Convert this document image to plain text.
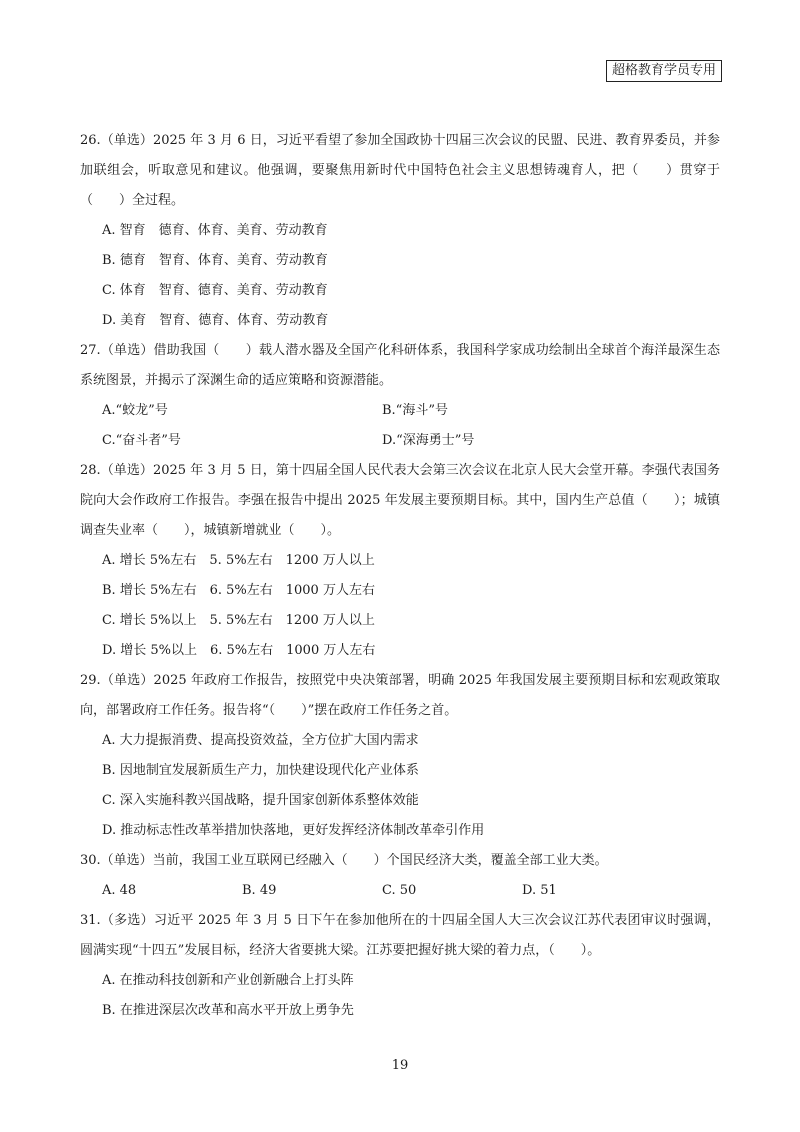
超格教育学员专用

26.（单选）2025 年 3 月 6 日，习近平看望了参加全国政协十四届三次会议的民盟、民进、教育界委员，并参加联组会，听取意见和建议。他强调，要聚焦用新时代中国特色社会主义思想铸魂育人，把（　　）贯穿于（　　）全过程。

A. 智育　德育、体育、美育、劳动教育
B. 德育　智育、体育、美育、劳动教育
C. 体育　智育、德育、美育、劳动教育
D. 美育　智育、德育、体育、劳动教育

27.（单选）借助我国（　　）载人潜水器及全国产化科研体系，我国科学家成功绘制出全球首个海洋最深生态系统图景，并揭示了深渊生命的适应策略和资源潜能。

A.“蛟龙”号	B.“海斗”号
C.“奋斗者”号	D.“深海勇士”号

28.（单选）2025 年 3 月 5 日，第十四届全国人民代表大会第三次会议在北京人民大会堂开幕。李强代表国务院向大会作政府工作报告。李强在报告中提出 2025 年发展主要预期目标。其中，国内生产总值（　　）；城镇调查失业率（　　），城镇新增就业（　　）。

A. 增长 5%左右　5. 5%左右　1200 万人以上
B. 增长 5%左右　6. 5%左右　1000 万人左右
C. 增长 5%以上　5. 5%左右　1200 万人以上
D. 增长 5%以上　6. 5%左右　1000 万人左右

29.（单选）2025 年政府工作报告，按照党中央决策部署，明确 2025 年我国发展主要预期目标和宏观政策取向，部署政府工作任务。报告将“（　　）”摆在政府工作任务之首。

A. 大力提振消费、提高投资效益，全方位扩大国内需求
B. 因地制宜发展新质生产力，加快建设现代化产业体系
C. 深入实施科教兴国战略，提升国家创新体系整体效能
D. 推动标志性改革举措加快落地，更好发挥经济体制改革牵引作用

30.（单选）当前，我国工业互联网已经融入（　　）个国民经济大类，覆盖全部工业大类。

A. 48	B. 49	C. 50	D. 51

31.（多选）习近平 2025 年 3 月 5 日下午在参加他所在的十四届全国人大三次会议江苏代表团审议时强调，圆满实现“十四五”发展目标，经济大省要挑大梁。江苏要把握好挑大梁的着力点，（　　）。

A. 在推动科技创新和产业创新融合上打头阵
B. 在推进深层次改革和高水平开放上勇争先
19
